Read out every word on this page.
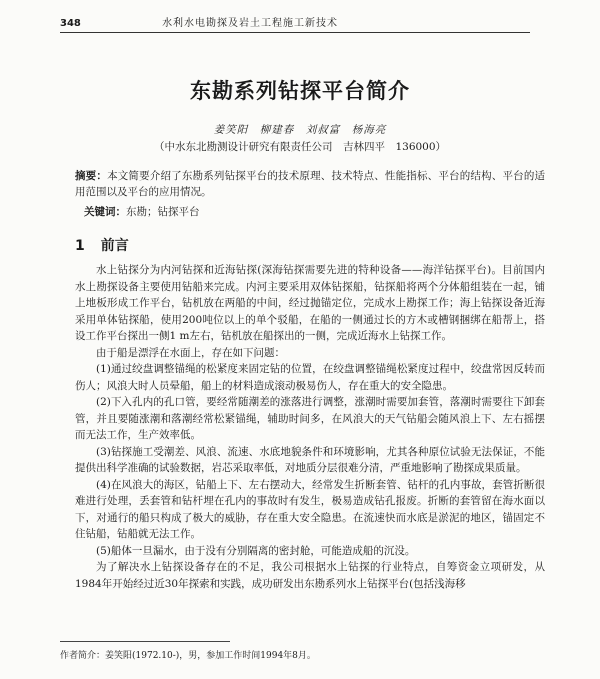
348	水利水电勘探及岩土工程施工新技术
东勘系列钻探平台简介
姜笑阳　柳建春　刘叔富　杨海亮
（中水东北勘测设计研究有限责任公司　吉林四平　136000）
摘要：本文简要介绍了东勘系列钻探平台的技术原理、技术特点、性能指标、平台的结构、平台的适用范围以及平台的应用情况。
关键词：东勘；钻探平台
1 前言

水上钻探分为内河钻探和近海钻探(深海钻探需要先进的特种设备——海洋钻探平台)。目前国内水上勘探设备主要使用钻船来完成。内河主要采用双体钻探船，钻探船将两个分体船组装在一起，铺上地板形成工作平台，钻机放在两船的中间，经过抛锚定位，完成水上勘探工作；海上钻探设备近海采用单体钻探船，使用200吨位以上的单个驳船，在船的一侧通过长的方木或槽钢捆绑在船帮上，搭设工作平台探出一侧1 m左右，钻机放在船探出的一侧，完成近海水上钻探工作。

由于船是漂浮在水面上，存在如下问题：

(1)通过绞盘调整锚绳的松紧度来固定钻的位置，在绞盘调整锚绳松紧度过程中，绞盘常因反转而伤人；风浪大时人员晕船，船上的材料造成滚动极易伤人，存在重大的安全隐患。

(2)下入孔内的孔口管，要经常随潮差的涨落进行调整，涨潮时需要加套管，落潮时需要往下卸套管，并且要随涨潮和落潮经常松紧锚绳，辅助时间多，在风浪大的天气钻船会随风浪上下、左右摇摆而无法工作，生产效率低。

(3)钻探施工受潮差、风浪、流速、水底地貌条件和环境影响，尤其各种原位试验无法保证，不能提供出科学准确的试验数据，岩芯采取率低，对地质分层很难分清，严重地影响了勘探成果质量。

(4)在风浪大的海区，钻船上下、左右摆动大，经常发生折断套管、钻杆的孔内事故，套管折断很难进行处理，丢套管和钻杆埋在孔内的事故时有发生，极易造成钻孔报废。折断的套管留在海水面以下，对通行的船只构成了极大的威胁，存在重大安全隐患。在流速快而水底是淤泥的地区，锚固定不住钻船，钻船就无法工作。

(5)船体一旦漏水，由于没有分别隔离的密封舱，可能造成船的沉没。

为了解决水上钻探设备存在的不足，我公司根据水上钻探的行业特点，自筹资金立项研发，从1984年开始经过近30年探索和实践，成功研发出东勘系列水上钻探平台(包括浅海移

作者简介：姜笑阳(1972.10-)，男，参加工作时间1994年8月。
